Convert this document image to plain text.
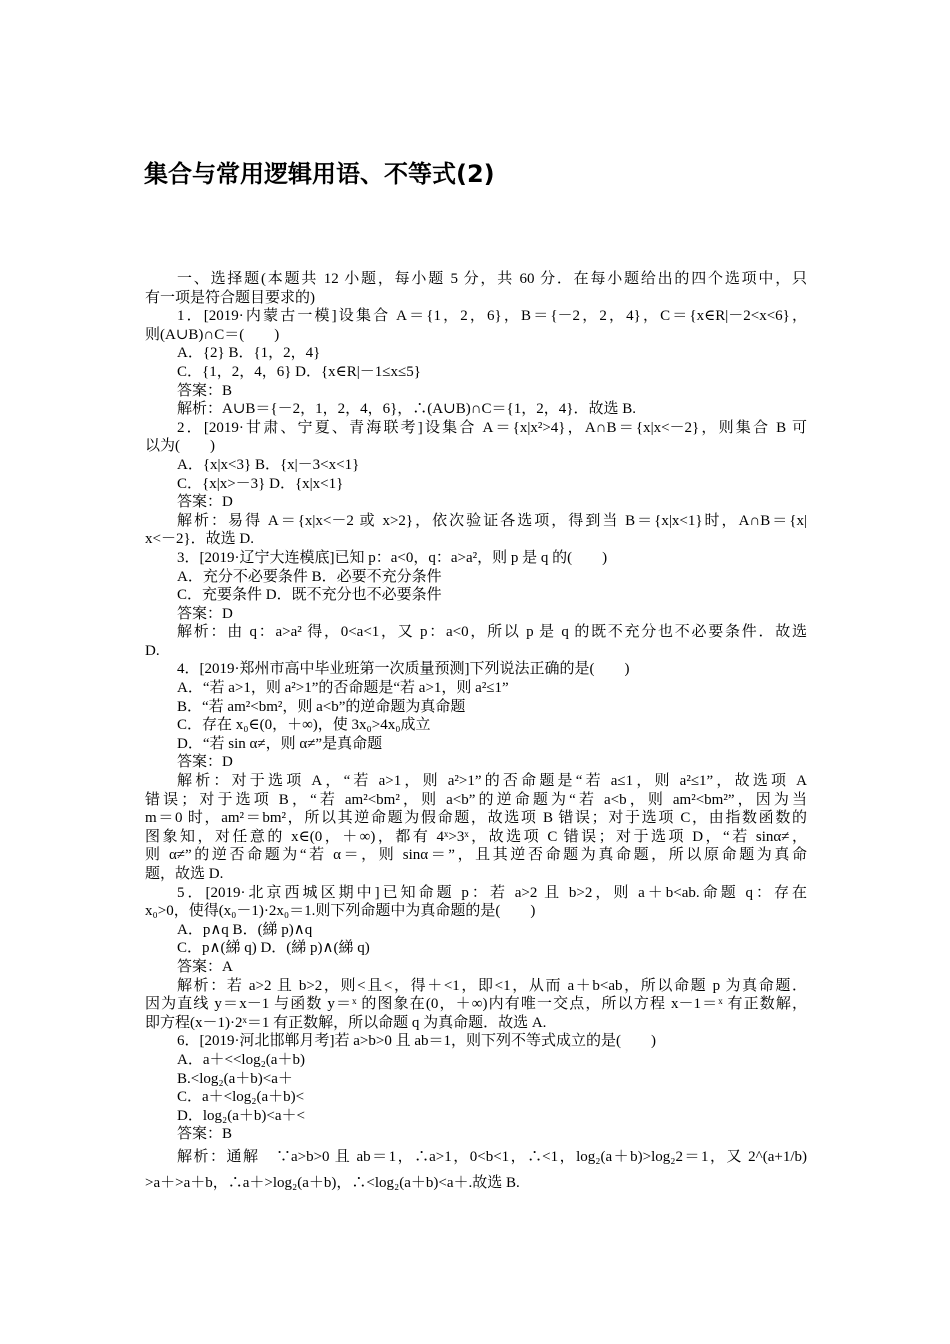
集合与常用逻辑用语、不等式(2)
一、选择题(本题共 12 小题，每小题 5 分，共 60 分．在每小题给出的四个选项中，只
有一项是符合题目要求的)
1．[2019·内蒙古一模]设集合 A＝{1，2，6}，B＝{－2，2，4}，C＝{x∈R|－2<x<6}，
则(A∪B)∩C＝(　　)
A．{2} B．{1，2，4}
C．{1，2，4，6} D．{x∈R|－1≤x≤5}
答案：B
解析：A∪B＝{－2，1，2，4，6}，∴(A∪B)∩C＝{1，2，4}．故选 B.
2．[2019·甘肃、宁夏、青海联考]设集合 A＝{x|x²>4}，A∩B＝{x|x<－2}，则集合 B 可
以为(　　)
A．{x|x<3} B．{x|－3<x<1}
C．{x|x>－3} D．{x|x<1}
答案：D
解析：易得 A＝{x|x<－2 或 x>2}，依次验证各选项，得到当 B＝{x|x<1}时，A∩B＝{x|
x<－2}．故选 D.
3．[2019·辽宁大连模底]已知 p：a<0，q：a>a²，则 p 是 q 的(　　)
A．充分不必要条件 B．必要不充分条件
C．充要条件 D．既不充分也不必要条件
答案：D
解析：由 q：a>a² 得，0<a<1，又 p：a<0，所以 p 是 q 的既不充分也不必要条件．故选
D.
4．[2019·郑州市高中毕业班第一次质量预测]下列说法正确的是(　　)
A．“若 a>1，则 a²>1”的否命题是“若 a>1，则 a²≤1”
B．“若 am²<bm²，则 a<b”的逆命题为真命题
C．存在 x₀∈(0，＋∞)，使 3x₀>4x₀成立
D．“若 sin α≠，则 α≠”是真命题
答案：D
解析：对于选项 A，“若 a>1，则 a²>1”的否命题是“若 a≤1，则 a²≤1”，故选项 A
错误；对于选项 B，“若 am²<bm²，则 a<b”的逆命题为“若 a<b，则 am²<bm²”，因为当
m＝0 时，am²＝bm²，所以其逆命题为假命题，故选项 B 错误；对于选项 C，由指数函数的
图象知，对任意的 x∈(0，＋∞)，都有 4ˣ>3ˣ，故选项 C 错误；对于选项 D，“若 sinα≠，
则 α≠”的逆否命题为“若 α＝，则 sinα＝”，且其逆否命题为真命题，所以原命题为真命
题，故选 D.
5．[2019·北京西城区期中]已知命题 p：若 a>2 且 b>2，则 a＋b<ab.命题 q：存在
x₀>0，使得(x₀－1)·2x₀＝1.则下列命题中为真命题的是(　　)
A．p∧q B．(綈 p)∧q
C．p∧(綈 q) D．(綈 p)∧(綈 q)
答案：A
解析：若 a>2 且 b>2，则<且<，得＋<1，即<1，从而 a＋b<ab，所以命题 p 为真命题．
因为直线 y＝x－1 与函数 y＝ˣ 的图象在(0，＋∞)内有唯一交点，所以方程 x－1＝ˣ 有正数解，
即方程(x－1)·2ˣ＝1 有正数解，所以命题 q 为真命题．故选 A.
6．[2019·河北邯郸月考]若 a>b>0 且 ab＝1，则下列不等式成立的是(　　)
A．a＋<<log₂(a＋b)
B.<log₂(a＋b)<a＋
C．a＋<log₂(a＋b)<
D．log₂(a＋b)<a＋<
答案：B
解析：通解　∵a>b>0 且 ab＝1，∴a>1，0<b<1，∴<1，log₂(a＋b)>log₂2＝1，又 2^(a+1/b)
>a＋>a＋b，∴a＋>log₂(a＋b)，∴<log₂(a＋b)<a＋.故选 B.
